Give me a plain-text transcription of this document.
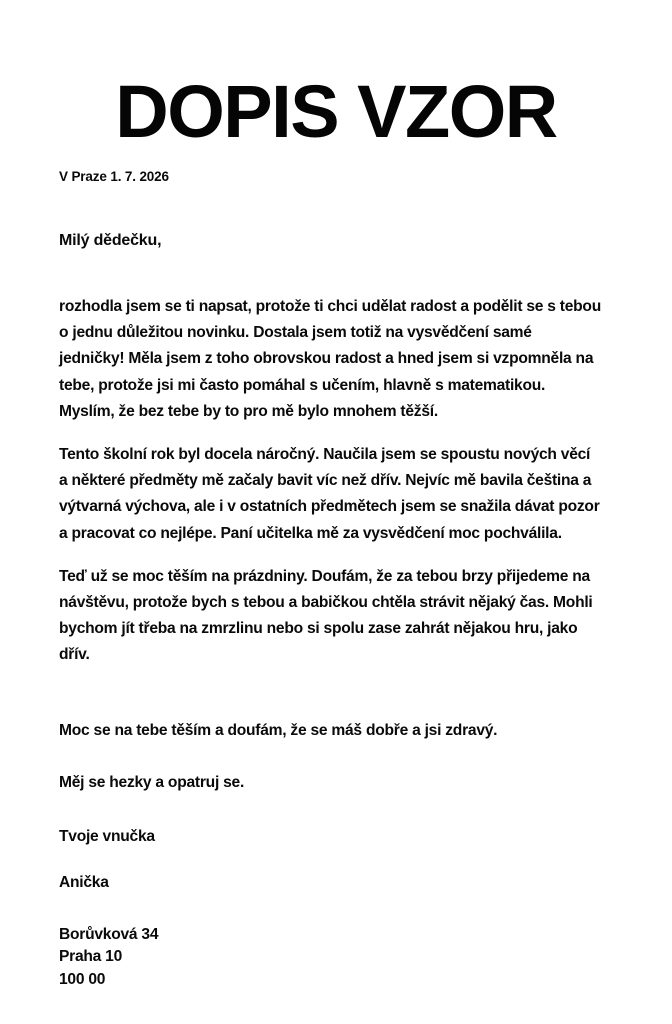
DOPIS VZOR

V Praze 1. 7. 2026

Milý dědečku,

rozhodla jsem se ti napsat, protože ti chci udělat radost a podělit se s tebou o jednu důležitou novinku. Dostala jsem totiž na vysvědčení samé jedničky! Měla jsem z toho obrovskou radost a hned jsem si vzpomněla na tebe, protože jsi mi často pomáhal s učením, hlavně s matematikou. Myslím, že bez tebe by to pro mě bylo mnohem těžší.

Tento školní rok byl docela náročný. Naučila jsem se spoustu nových věcí a některé předměty mě začaly bavit víc než dřív. Nejvíc mě bavila čeština a výtvarná výchova, ale i v ostatních předmětech jsem se snažila dávat pozor a pracovat co nejlépe. Paní učitelka mě za vysvědčení moc pochválila.

Teď už se moc těším na prázdniny. Doufám, že za tebou brzy přijedeme na návštěvu, protože bych s tebou a babičkou chtěla strávit nějaký čas. Mohli bychom jít třeba na zmrzlinu nebo si spolu zase zahrát nějakou hru, jako dřív.

Moc se na tebe těším a doufám, že se máš dobře a jsi zdravý.

Měj se hezky a opatruj se.

Tvoje vnučka

Anička

Borůvková 34

Praha 10

100 00
